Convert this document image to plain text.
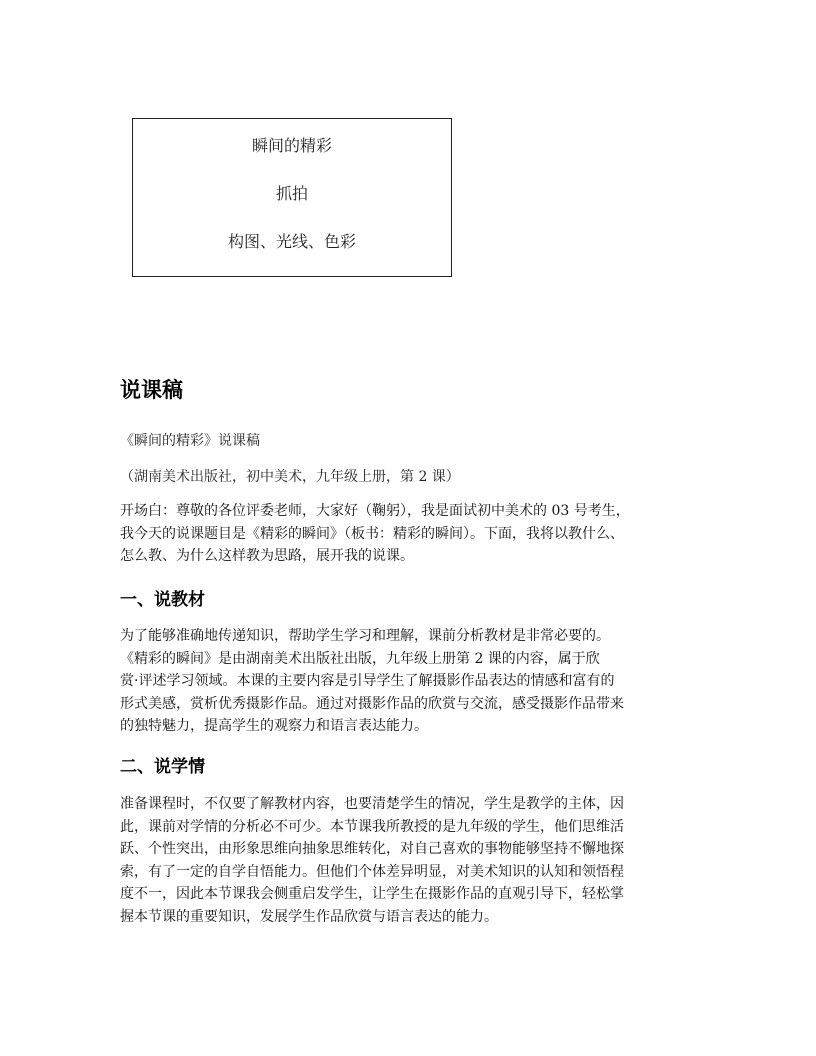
瞬间的精彩
抓拍
构图、光线、色彩
说课稿

《瞬间的精彩》说课稿

（湖南美术出版社，初中美术，九年级上册，第 2 课）

开场白：尊敬的各位评委老师，大家好（鞠躬），我是面试初中美术的 03 号考生，
我今天的说课题目是《精彩的瞬间》（板书：精彩的瞬间）。下面，我将以教什么、
怎么教、为什么这样教为思路，展开我的说课。
一、说教材
为了能够准确地传递知识，帮助学生学习和理解，课前分析教材是非常必要的。
《精彩的瞬间》是由湖南美术出版社出版，九年级上册第 2 课的内容，属于欣
赏·评述学习领域。本课的主要内容是引导学生了解摄影作品表达的情感和富有的
形式美感，赏析优秀摄影作品。通过对摄影作品的欣赏与交流，感受摄影作品带来
的独特魅力，提高学生的观察力和语言表达能力。
二、说学情
准备课程时，不仅要了解教材内容，也要清楚学生的情况，学生是教学的主体，因
此，课前对学情的分析必不可少。本节课我所教授的是九年级的学生，他们思维活
跃、个性突出，由形象思维向抽象思维转化，对自己喜欢的事物能够坚持不懈地探
索，有了一定的自学自悟能力。但他们个体差异明显，对美术知识的认知和领悟程
度不一，因此本节课我会侧重启发学生，让学生在摄影作品的直观引导下，轻松掌
握本节课的重要知识，发展学生作品欣赏与语言表达的能力。
